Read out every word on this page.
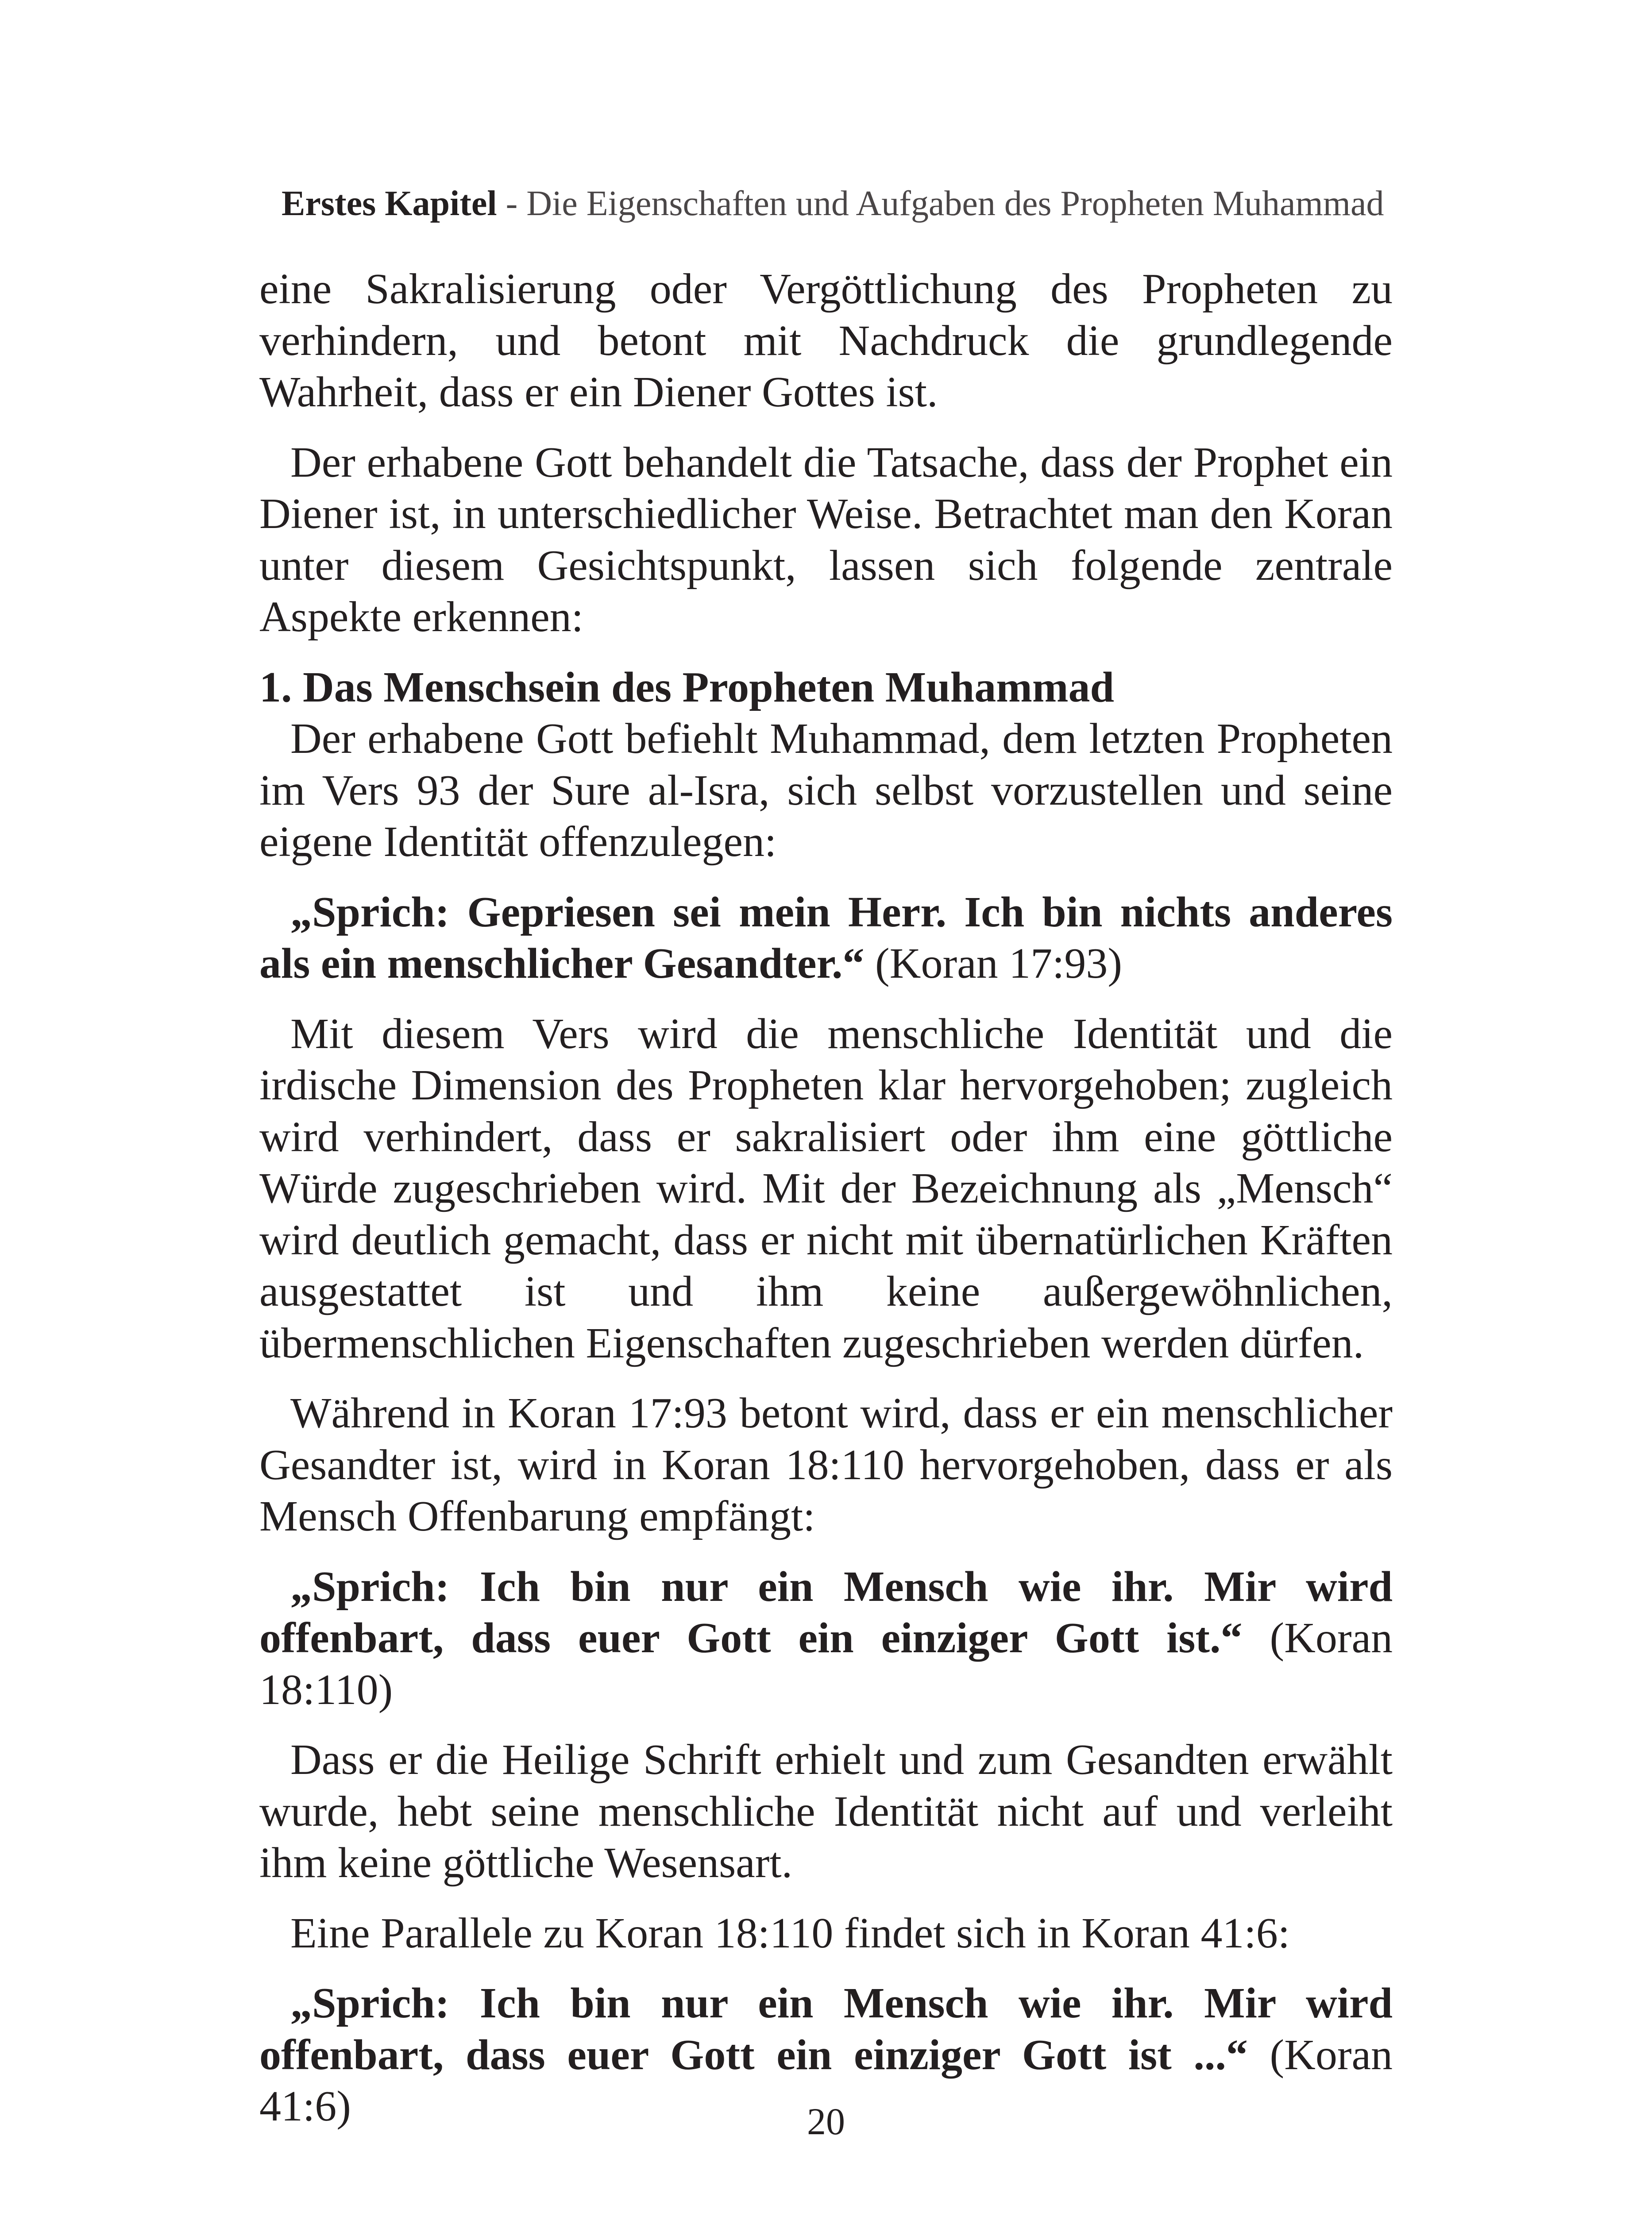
Erstes Kapitel - Die Eigenschaften und Aufgaben des Propheten Muhammad

eine Sakralisierung oder Vergöttlichung des Propheten zu verhindern, und betont mit Nachdruck die grundlegende Wahrheit, dass er ein Diener Gottes ist.

Der erhabene Gott behandelt die Tatsache, dass der Prophet ein Diener ist, in unterschiedlicher Weise. Betrachtet man den Koran unter diesem Gesichtspunkt, lassen sich folgende zentrale Aspekte erkennen:

1. Das Menschsein des Propheten Muhammad

Der erhabene Gott befiehlt Muhammad, dem letzten Propheten im Vers 93 der Sure al-Isra, sich selbst vorzustellen und seine eigene Identität offenzulegen:

„Sprich: Gepriesen sei mein Herr. Ich bin nichts anderes als ein menschlicher Gesandter.“ (Koran 17:93)

Mit diesem Vers wird die menschliche Identität und die irdische Dimension des Propheten klar hervorgehoben; zugleich wird verhindert, dass er sakralisiert oder ihm eine göttliche Würde zugeschrieben wird. Mit der Bezeichnung als „Mensch“ wird deutlich gemacht, dass er nicht mit übernatürlichen Kräften ausgestattet ist und ihm keine außergewöhnlichen, übermenschlichen Eigenschaften zugeschrieben werden dürfen.

Während in Koran 17:93 betont wird, dass er ein menschlicher Gesandter ist, wird in Koran 18:110 hervorgehoben, dass er als Mensch Offenbarung empfängt:

„Sprich: Ich bin nur ein Mensch wie ihr. Mir wird offenbart, dass euer Gott ein einziger Gott ist.“ (Koran 18:110)

Dass er die Heilige Schrift erhielt und zum Gesandten erwählt wurde, hebt seine menschliche Identität nicht auf und verleiht ihm keine göttliche Wesensart.

Eine Parallele zu Koran 18:110 findet sich in Koran 41:6:

„Sprich: Ich bin nur ein Mensch wie ihr. Mir wird offenbart, dass euer Gott ein einziger Gott ist ...“ (Koran 41:6)	20
